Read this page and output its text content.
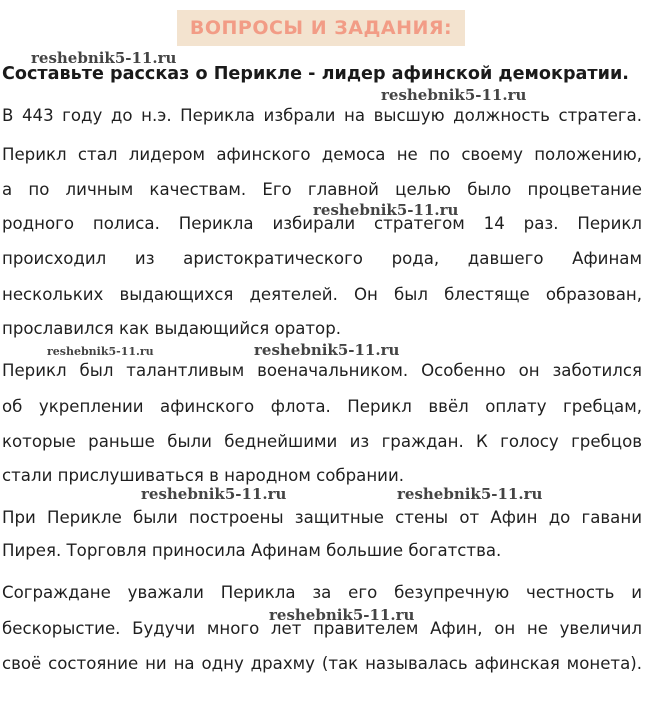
ВОПРОСЫ И ЗАДАНИЯ:
Составьте рассказ о Перикле - лидер афинской демократии.
В 443 году до н.э. Перикла избрали на высшую должность стратега.
Перикл стал лидером афинского демоса не по своему положению,
а по личным качествам. Его главной целью было процветание
родного полиса. Перикла избирали стратегом 14 раз. Перикл
происходил из аристократического рода, давшего Афинам
нескольких выдающихся деятелей. Он был блестяще образован,
прославился как выдающийся оратор.
Перикл был талантливым военачальником. Особенно он заботился
об укреплении афинского флота. Перикл ввёл оплату гребцам,
которые раньше были беднейшими из граждан. К голосу гребцов
стали прислушиваться в народном собрании.
При Перикле были построены защитные стены от Афин до гавани
Пирея. Торговля приносила Афинам большие богатства.
Сограждане уважали Перикла за его безупречную честность и
бескорыстие. Будучи много лет правителем Афин, он не увеличил
своё состояние ни на одну драхму (так называлась афинская монета).
reshebnik5-11.ru
reshebnik5-11.ru
reshebnik5-11.ru
reshebnik5-11.ru	reshebnik5-11.ru
reshebnik5-11.ru	reshebnik5-11.ru
reshebnik5-11.ru
